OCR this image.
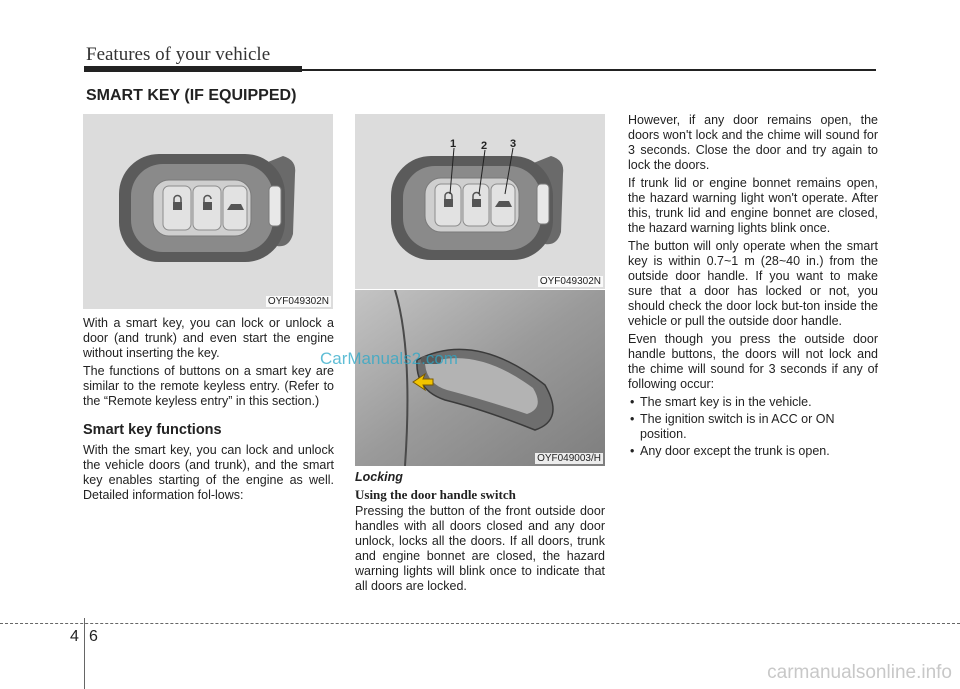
Features of your vehicle
SMART KEY (IF EQUIPPED)
OYF049302N
1 2 3
OYF049302N
OYF049003/H
CarManuals2.com

With a smart key, you can lock or unlock a door (and trunk) and even start the engine without inserting the key.

The functions of buttons on a smart key are similar to the remote keyless entry. (Refer to the “Remote keyless entry” in this section.)

Smart key functions

With the smart key, you can lock and unlock the vehicle doors (and trunk), and the smart key enables starting of the engine as well. Detailed information fol-lows:

Locking
Using the door handle switch

Pressing the button of the front outside door handles with all doors closed and any door unlock, locks all the doors. If all doors, trunk and engine bonnet are closed, the hazard warning lights will blink once to indicate that all doors are locked.

However, if any door remains open, the doors won't lock and the chime will sound for 3 seconds. Close the door and try again to lock the doors.

If trunk lid or engine bonnet remains open, the hazard warning light won't operate. After this, trunk lid and engine bonnet are closed, the hazard warning lights blink once.

The button will only operate when the smart key is within 0.7~1 m (28~40 in.) from the outside door handle. If you want to make sure that a door has locked or not, you should check the door lock but-ton inside the vehicle or pull the outside door handle.

Even though you press the outside door handle buttons, the doors will not lock and the chime will sound for 3 seconds if any of following occur:

• The smart key is in the vehicle.
• The ignition switch is in ACC or ON position.
• Any door except the trunk is open.
4 6
carmanualsonline.info
